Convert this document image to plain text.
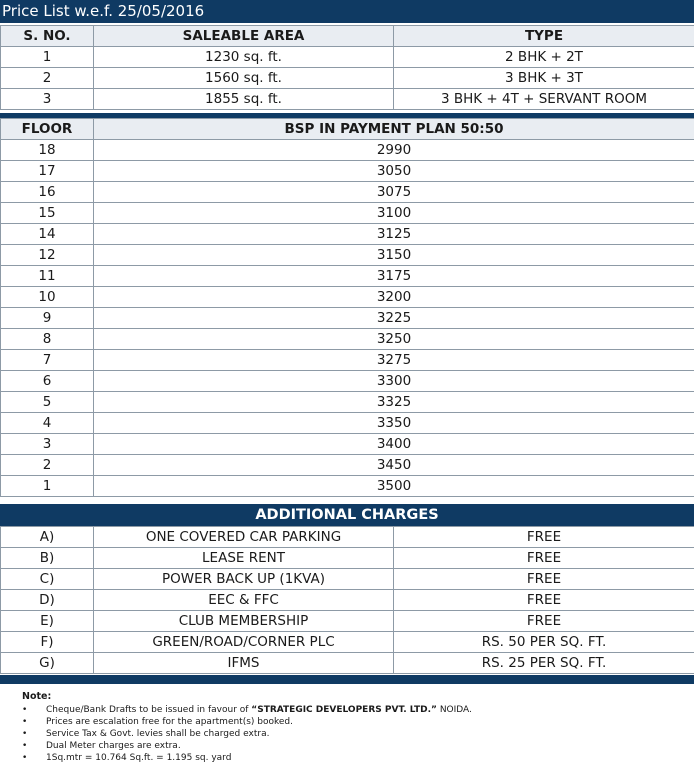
Price List w.e.f. 25/05/2016
S. NO.	SALEABLE AREA	TYPE
1	1230 sq. ft.	2 BHK + 2T
2	1560 sq. ft.	3 BHK + 3T
3	1855 sq. ft.	3 BHK + 4T + SERVANT ROOM
FLOOR	BSP IN PAYMENT PLAN 50:50
18	2990
17	3050
16	3075
15	3100
14	3125
12	3150
11	3175
10	3200
9	3225
8	3250
7	3275
6	3300
5	3325
4	3350
3	3400
2	3450
1	3500
ADDITIONAL CHARGES
A)	ONE COVERED CAR PARKING	FREE
B)	LEASE RENT	FREE
C)	POWER BACK UP (1KVA)	FREE
D)	EEC & FFC	FREE
E)	CLUB MEMBERSHIP	FREE
F)	GREEN/ROAD/CORNER PLC	RS. 50 PER SQ. FT.
G)	IFMS	RS. 25 PER SQ. FT.
Note:
• Cheque/Bank Drafts to be issued in favour of “STRATEGIC DEVELOPERS PVT. LTD.” NOIDA.
• Prices are escalation free for the apartment(s) booked.
• Service Tax & Govt. levies shall be charged extra.
• Dual Meter charges are extra.
• 1Sq.mtr = 10.764 Sq.ft. = 1.195 sq. yard
